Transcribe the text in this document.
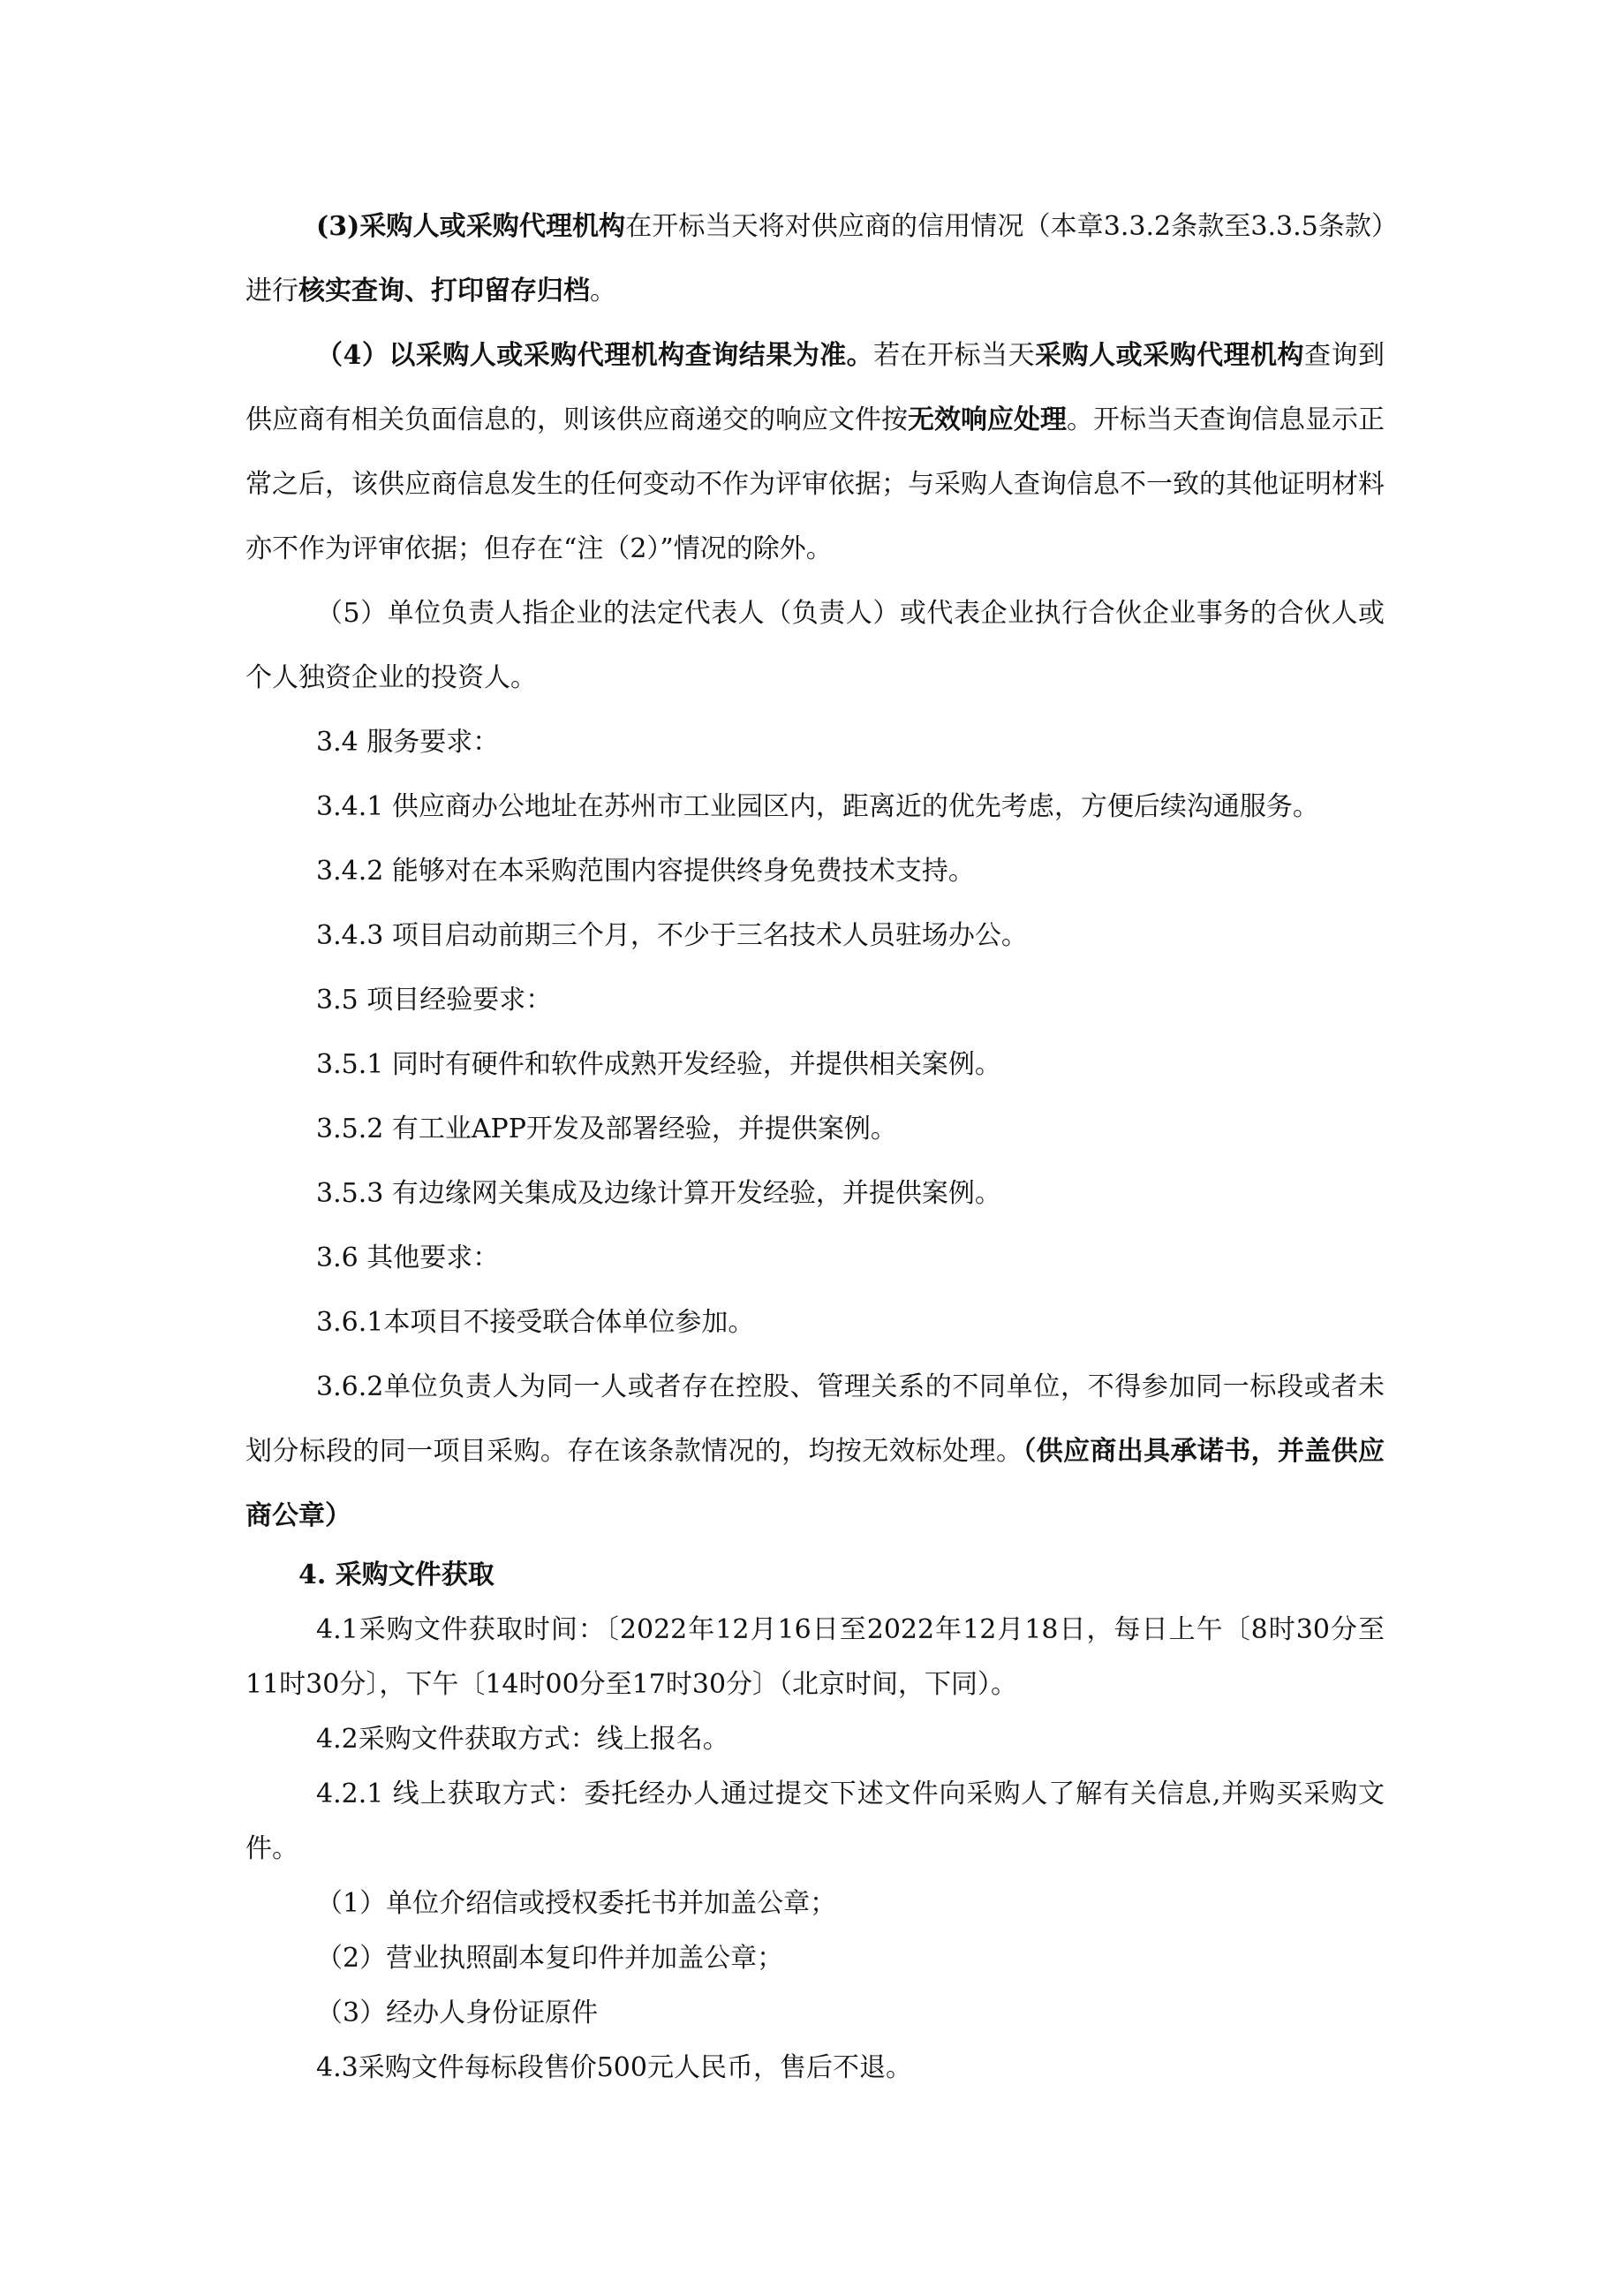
(3)采购人或采购代理机构在开标当天将对供应商的信用情况（本章3.3.2条款至3.3.5条款）进行核实查询、打印留存归档。

（4）以采购人或采购代理机构查询结果为准。若在开标当天采购人或采购代理机构查询到供应商有相关负面信息的，则该供应商递交的响应文件按无效响应处理。开标当天查询信息显示正常之后，该供应商信息发生的任何变动不作为评审依据；与采购人查询信息不一致的其他证明材料亦不作为评审依据；但存在“注（2）”情况的除外。

（5）单位负责人指企业的法定代表人（负责人）或代表企业执行合伙企业事务的合伙人或个人独资企业的投资人。

3.4 服务要求：

3.4.1 供应商办公地址在苏州市工业园区内，距离近的优先考虑，方便后续沟通服务。

3.4.2 能够对在本采购范围内容提供终身免费技术支持。

3.4.3 项目启动前期三个月，不少于三名技术人员驻场办公。

3.5 项目经验要求：

3.5.1 同时有硬件和软件成熟开发经验，并提供相关案例。

3.5.2 有工业APP开发及部署经验，并提供案例。

3.5.3 有边缘网关集成及边缘计算开发经验，并提供案例。

3.6 其他要求：

3.6.1本项目不接受联合体单位参加。

3.6.2单位负责人为同一人或者存在控股、管理关系的不同单位，不得参加同一标段或者未划分标段的同一项目采购。存在该条款情况的，均按无效标处理。（供应商出具承诺书，并盖供应商公章）

4. 采购文件获取

4.1采购文件获取时间：〔2022年12月16日至2022年12月18日，每日上午〔8时30分至11时30分〕，下午〔14时00分至17时30分〕（北京时间，下同）。

4.2采购文件获取方式：线上报名。

4.2.1 线上获取方式：委托经办人通过提交下述文件向采购人了解有关信息,并购买采购文件。

（1）单位介绍信或授权委托书并加盖公章；

（2）营业执照副本复印件并加盖公章；

（3）经办人身份证原件

4.3采购文件每标段售价500元人民币，售后不退。
